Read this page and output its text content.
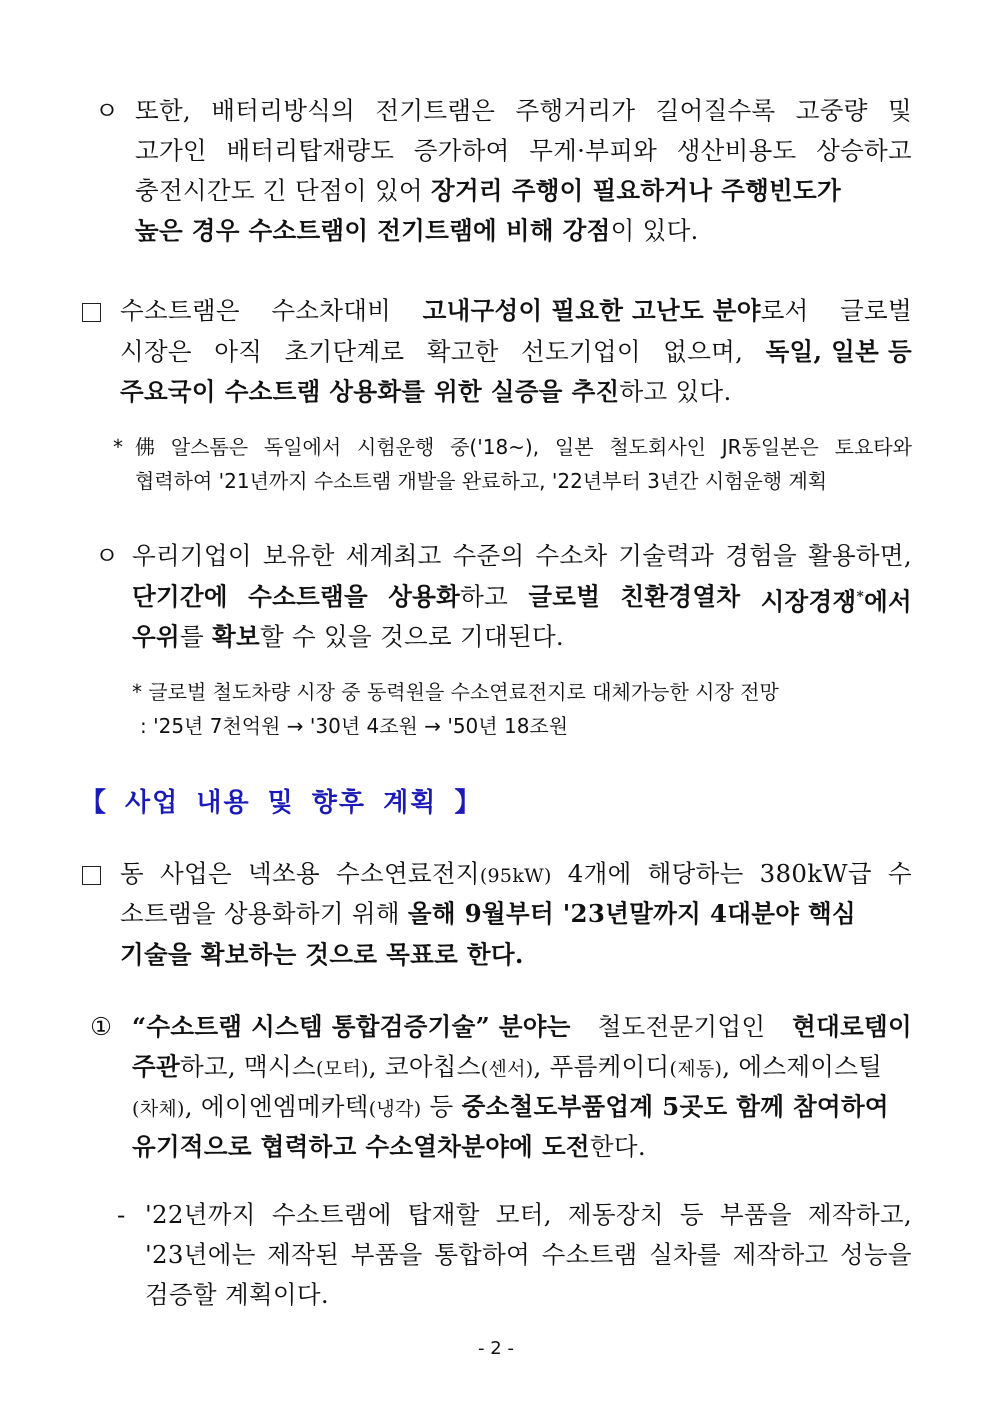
ㅇ 또한, 배터리방식의 전기트램은 주행거리가 길어질수록 고중량 및
고가인 배터리탑재량도 증가하여 무게·부피와 생산비용도 상승하고
충전시간도 긴 단점이 있어 장거리 주행이 필요하거나 주행빈도가
높은 경우 수소트램이 전기트램에 비해 강점이 있다.
수소트램은 수소차대비 고내구성이 필요한 고난도 분야로서 글로벌
시장은 아직 초기단계로 확고한 선도기업이 없으며, 독일, 일본 등
주요국이 수소트램 상용화를 위한 실증을 추진하고 있다.
* 佛 알스톰은 독일에서 시험운행 중('18~), 일본 철도회사인 JR동일본은 토요타와
협력하여 '21년까지 수소트램 개발을 완료하고, '22년부터 3년간 시험운행 계획
ㅇ 우리기업이 보유한 세계최고 수준의 수소차 기술력과 경험을 활용하면,
단기간에 수소트램을 상용화하고 글로벌 친환경열차 시장경쟁*에서
우위를 확보할 수 있을 것으로 기대된다.
* 글로벌 철도차량 시장 중 동력원을 수소연료전지로 대체가능한 시장 전망
: '25년 7천억원 → '30년 4조원 → '50년 18조원
【 사업 내용 및 향후 계획 】
동 사업은 넥쏘용 수소연료전지(95kW) 4개에 해당하는 380kW급 수
소트램을 상용화하기 위해 올해 9월부터 '23년말까지 4대분야 핵심
기술을 확보하는 것으로 목표로 한다.
① “수소트램 시스템 통합검증기술” 분야는 철도전문기업인 현대로템이
주관하고, 맥시스(모터), 코아칩스(센서), 푸름케이디(제동), 에스제이스틸
(차체), 에이엔엠메카텍(냉각) 등 중소철도부품업계 5곳도 함께 참여하여
유기적으로 협력하고 수소열차분야에 도전한다.
- '22년까지 수소트램에 탑재할 모터, 제동장치 등 부품을 제작하고,
'23년에는 제작된 부품을 통합하여 수소트램 실차를 제작하고 성능을
검증할 계획이다.
- 2 -
